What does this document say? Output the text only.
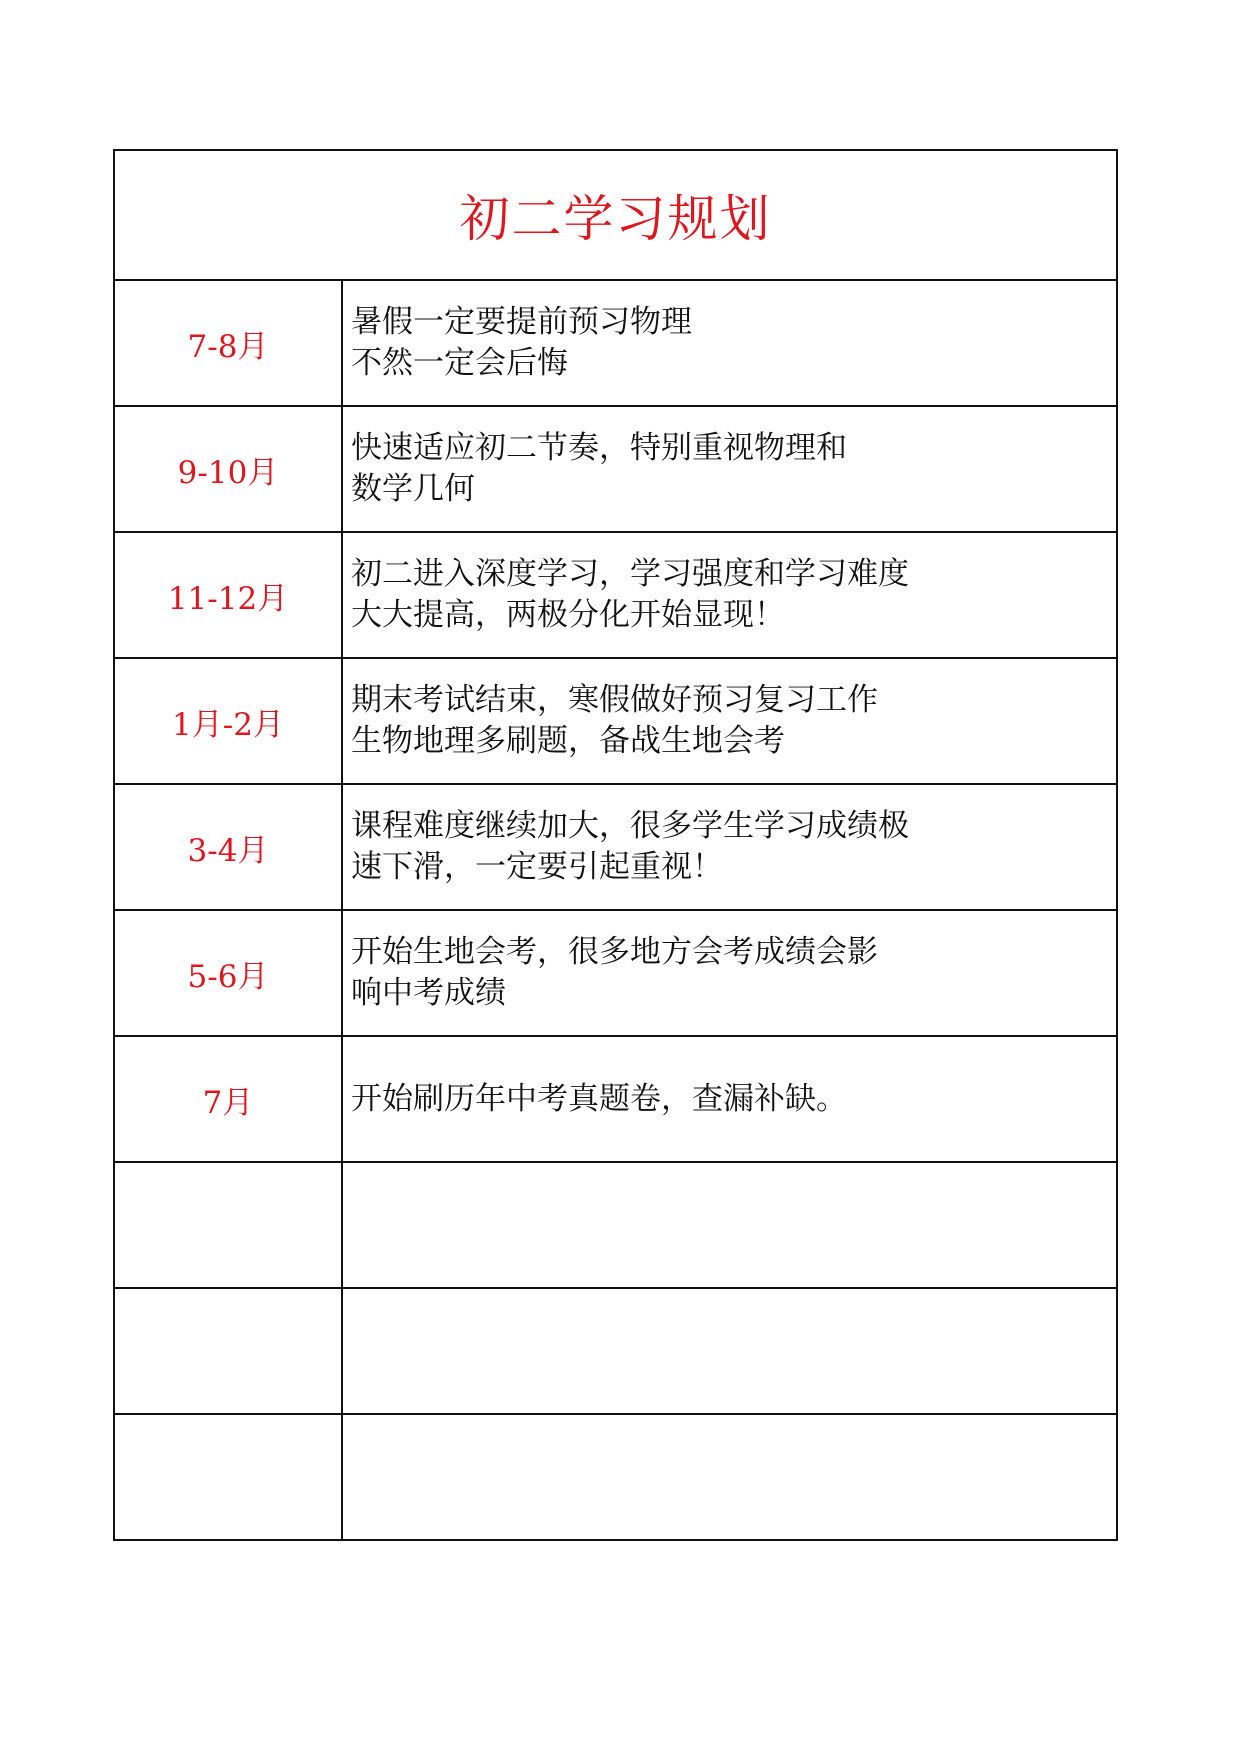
初二学习规划
7-8月
暑假一定要提前预习物理
不然一定会后悔
9-10月
快速适应初二节奏，特别重视物理和
数学几何
11-12月
初二进入深度学习，学习强度和学习难度
大大提高，两极分化开始显现！
1月-2月
期末考试结束，寒假做好预习复习工作
生物地理多刷题，备战生地会考
3-4月
课程难度继续加大，很多学生学习成绩极
速下滑，一定要引起重视！
5-6月
开始生地会考，很多地方会考成绩会影
响中考成绩
7月	开始刷历年中考真题卷，查漏补缺。
